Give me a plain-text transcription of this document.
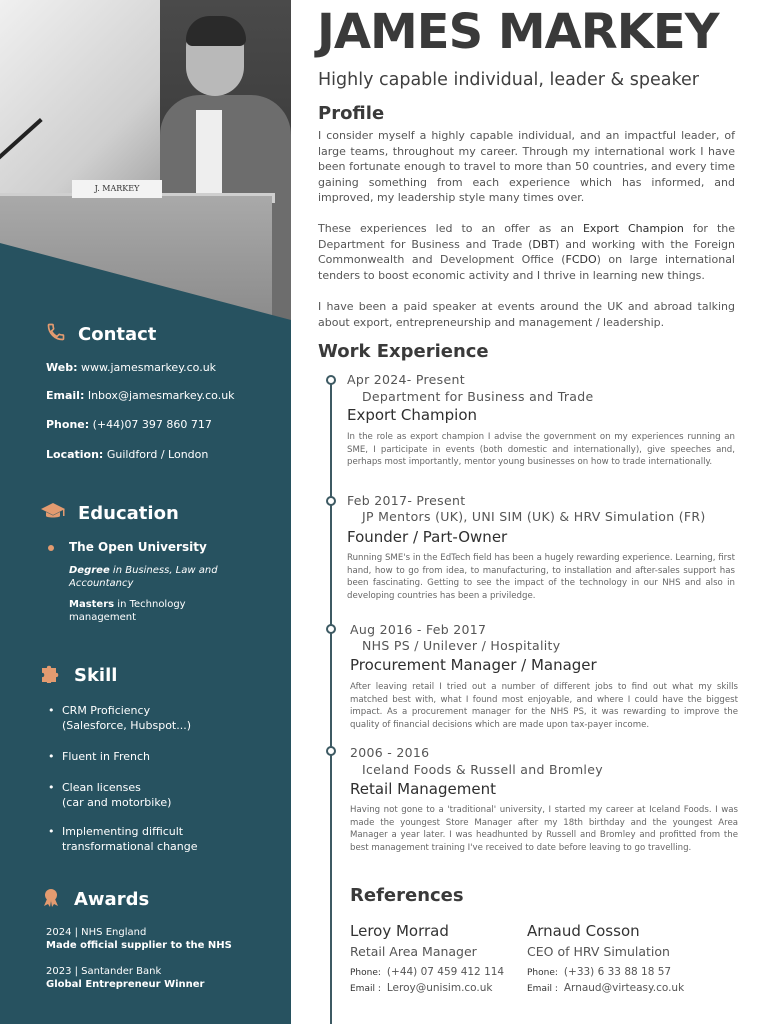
J. MARKEY
Contact
Web: www.jamesmarkey.co.uk
Email: Inbox@jamesmarkey.co.uk
Phone: (+44)07 397 860 717
Location: Guildford / London
Education
The Open University
Degree in Business, Law and Accountancy
Masters in Technology management
Skill
• CRM Proficiency
(Salesforce, Hubspot...)
• Fluent in French
• Clean licenses
(car and motorbike)
• Implementing difficult
transformational change
Awards
2024 | NHS England
Made official supplier to the NHS
2023 | Santander Bank
Global Entrepreneur Winner
JAMES MARKEY
Highly capable individual, leader & speaker
Profile
I consider myself a highly capable individual, and an impactful leader, of large teams, throughout my career. Through my international work I have been fortunate enough to travel to more than 50 countries, and every time gaining something from each experience which has informed, and improved, my leadership style many times over.
These experiences led to an offer as an Export Champion for the Department for Business and Trade (DBT) and working with the Foreign Commonwealth and Development Office (FCDO) on large international tenders to boost economic activity and I thrive in learning new things.
I have been a paid speaker at events around the UK and abroad talking about export, entrepreneurship and management / leadership.
Work Experience
Apr 2024- Present
Department for Business and Trade
Export Champion
In the role as export champion I advise the government on my experiences running an SME, I participate in events (both domestic and internationally), give speeches and, perhaps most importantly, mentor young businesses on how to trade internationally.
Feb 2017- Present
JP Mentors (UK), UNI SIM (UK) & HRV Simulation (FR)
Founder / Part-Owner
Running SME's in the EdTech field has been a hugely rewarding experience. Learning, first hand, how to go from idea, to manufacturing, to installation and after-sales support has been fascinating. Getting to see the impact of the technology in our NHS and also in developing countries has been a priviledge.
Aug 2016 - Feb 2017
NHS PS / Unilever / Hospitality
Procurement Manager / Manager
After leaving retail I tried out a number of different jobs to find out what my skills matched best with, what I found most enjoyable, and where I could have the biggest impact. As a procurement manager for the NHS PS, it was rewarding to improve the quality of financial decisions which are made upon tax-payer income.
2006 - 2016
Iceland Foods & Russell and Bromley
Retail Management
Having not gone to a 'traditional' university, I started my career at Iceland Foods. I was made the youngest Store Manager after my 18th birthday and the youngest Area Manager a year later. I was headhunted by Russell and Bromley and profitted from the best management training I've received to date before leaving to go travelling.
References
Leroy Morrad
Retail Area Manager
Phone: (+44) 07 459 412 114
Email : Leroy@unisim.co.uk
Arnaud Cosson
CEO of HRV Simulation
Phone: (+33) 6 33 88 18 57
Email : Arnaud@virteasy.co.uk
